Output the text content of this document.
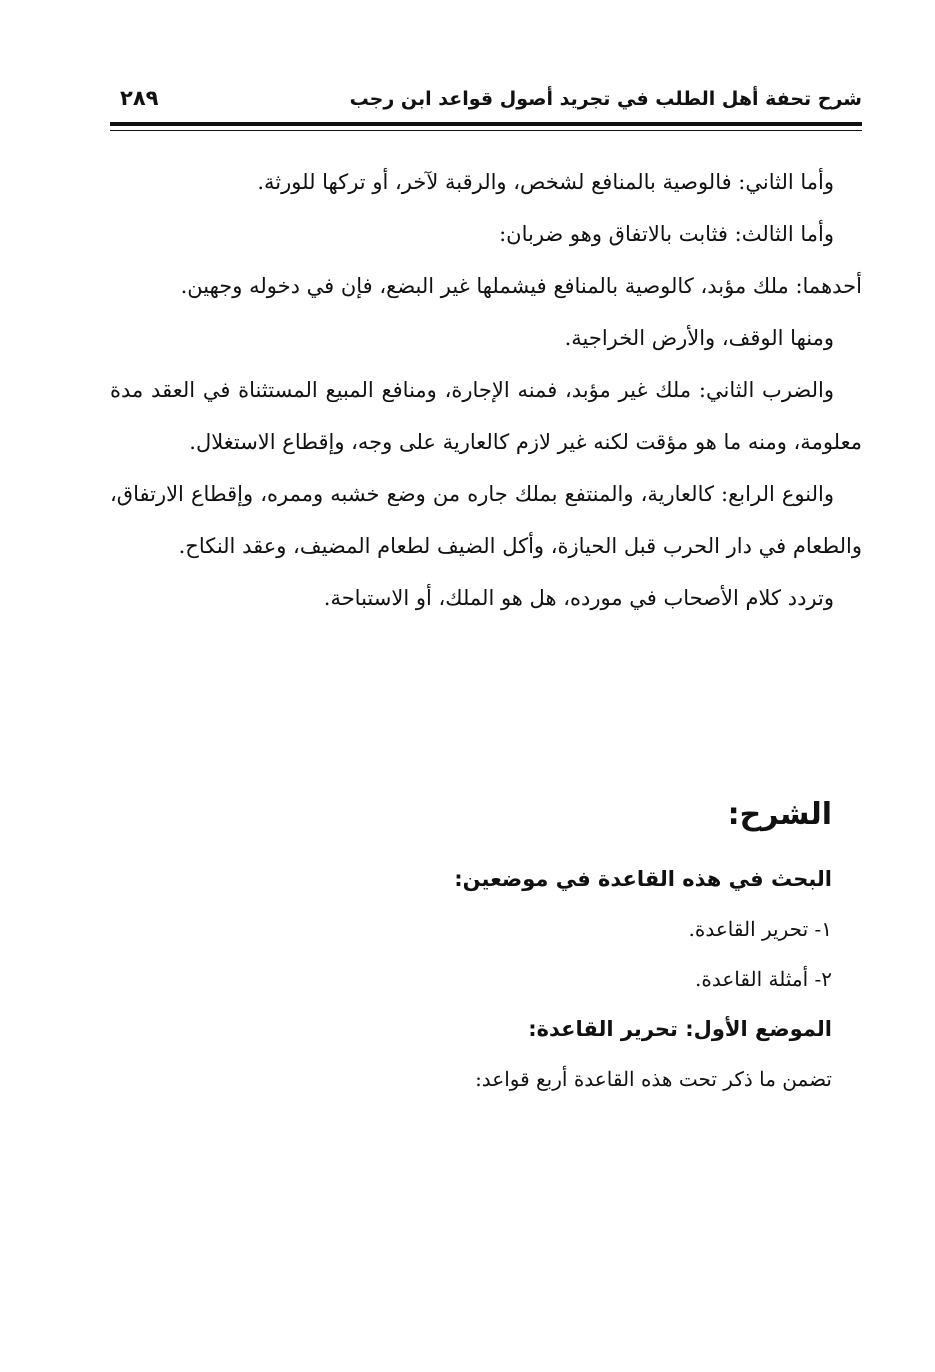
شرح تحفة أهل الطلب في تجريد أصول قواعد ابن رجب
٢٨٩

وأما الثاني: فالوصية بالمنافع لشخص، والرقبة لآخر، أو تركها للورثة.

وأما الثالث: فثابت بالاتفاق وهو ضربان:

أحدهما: ملك مؤبد، كالوصية بالمنافع فيشملها غير البضع، فإن في دخوله وجهين.

ومنها الوقف، والأرض الخراجية.

والضرب الثاني: ملك غير مؤبد، فمنه الإجارة، ومنافع المبيع المستثناة في العقد مدة معلومة، ومنه ما هو مؤقت لكنه غير لازم كالعارية على وجه، وإقطاع الاستغلال.

والنوع الرابع: كالعارية، والمنتفع بملك جاره من وضع خشبه وممره، وإقطاع الارتفاق، والطعام في دار الحرب قبل الحيازة، وأكل الضيف لطعام المضيف، وعقد النكاح.

وتردد كلام الأصحاب في مورده، هل هو الملك، أو الاستباحة.

الشرح:
البحث في هذه القاعدة في موضعين:
١- تحرير القاعدة.
٢- أمثلة القاعدة.
الموضع الأول: تحرير القاعدة:
تضمن ما ذكر تحت هذه القاعدة أربع قواعد:
